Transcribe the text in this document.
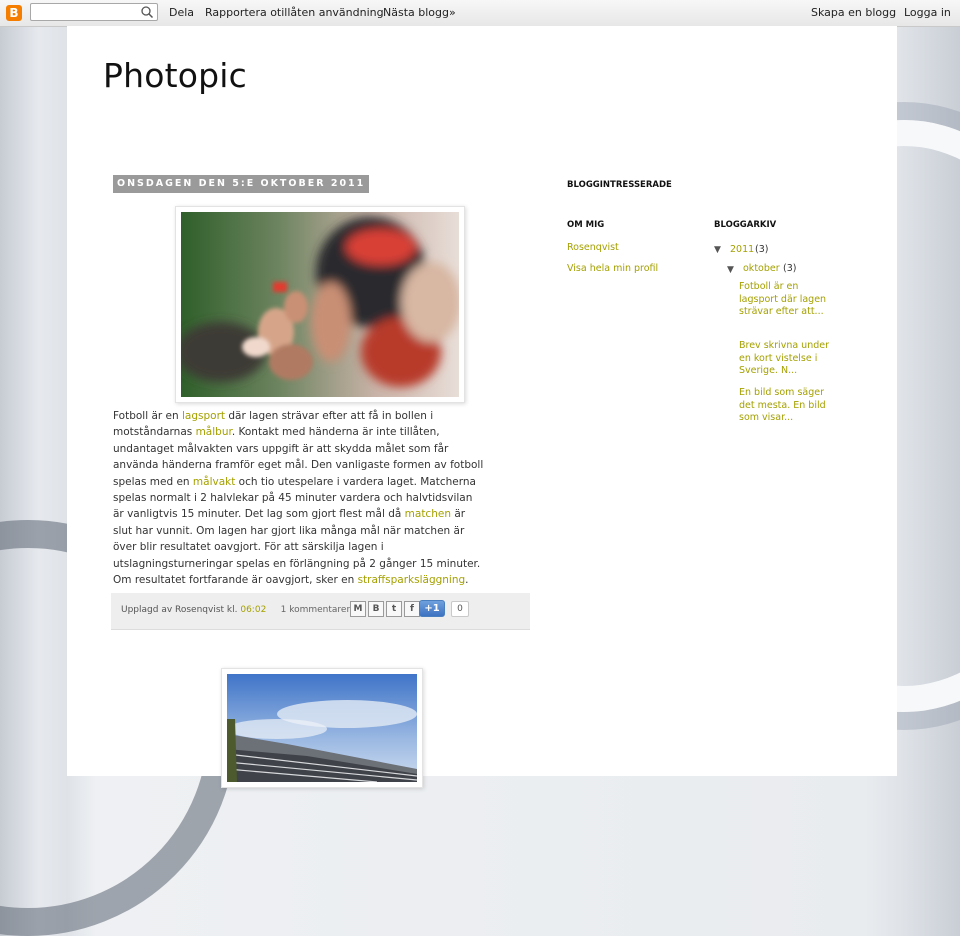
B	Dela Rapportera otillåten användning Nästa blogg»	Skapa en blogg Logga in
Photopic
ONSDAGEN DEN 5:E OKTOBER 2011
Fotboll är en lagsport där lagen strävar efter att få in bollen i motståndarnas målbur. Kontakt med händerna är inte tillåten, undantaget målvakten vars uppgift är att skydda målet som får använda händerna framför eget mål. Den vanligaste formen av fotboll spelas med en målvakt och tio utespelare i vardera laget. Matcherna spelas normalt i 2 halvlekar på 45 minuter vardera och halvtidsvilan är vanligtvis 15 minuter. Det lag som gjort flest mål då matchen är slut har vunnit. Om lagen har gjort lika många mål när matchen är över blir resultatet oavgjort. För att särskilja lagen i utslagningsturneringar spelas en förlängning på 2 gånger 15 minuter. Om resultatet fortfarande är oavgjort, sker en straffsparksläggning.
Upplagd av Rosenqvist kl. 06:02 1 kommentarer M	B	t	f	+1	0
BLOGGINTRESSERADE
OM MIG
Rosenqvist
Visa hela min profil
BLOGGARKIV
▼ 2011 (3)
▼ oktober (3)
Fotboll är en lagsport där lagen strävar efter att...
Brev skrivna under en kort vistelse i Sverige. N...
En bild som säger det mesta. En bild som visar...
